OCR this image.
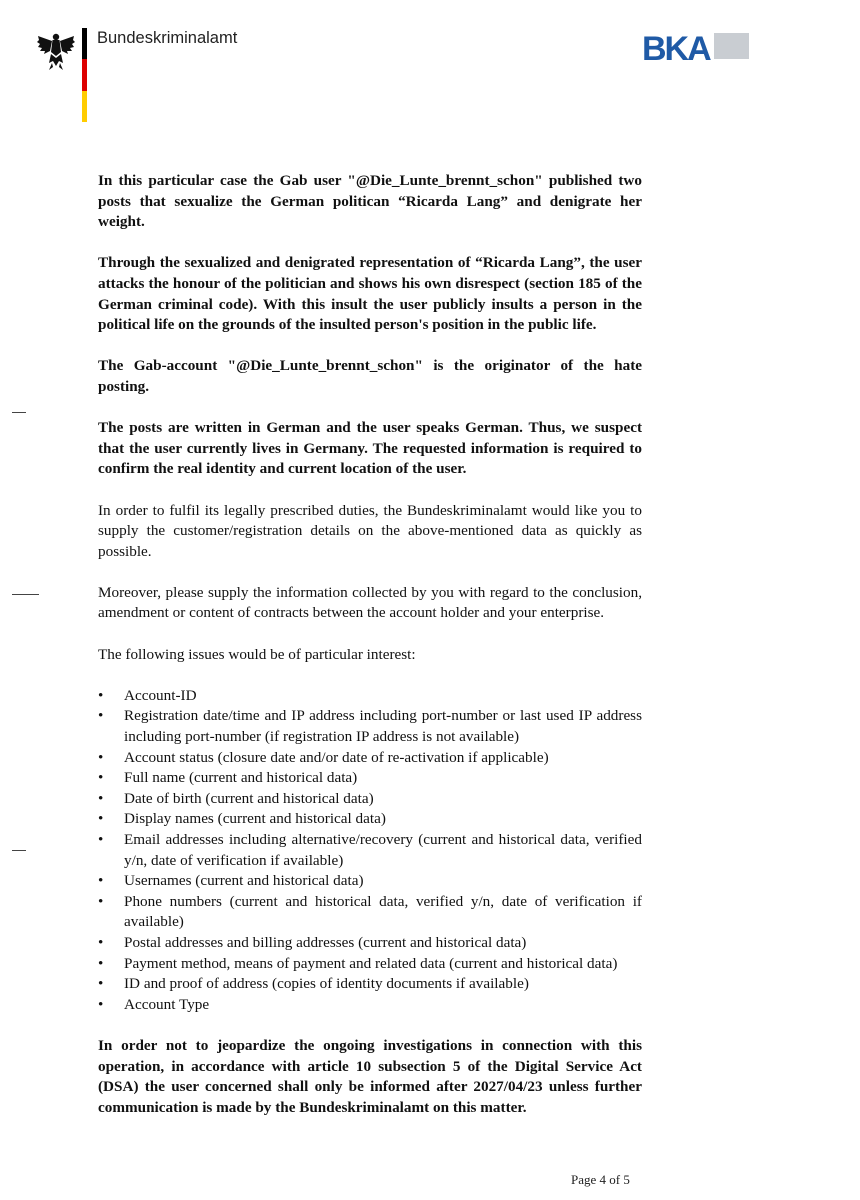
Bundeskriminalamt	BKA

In this particular case the Gab user "@Die_Lunte_brennt_schon" published two posts that sexualize the German politican “Ricarda Lang” and denigrate her weight.

Through the sexualized and denigrated representation of “Ricarda Lang”, the user attacks the honour of the politician and shows his own disrespect (section 185 of the German criminal code). With this insult the user publicly insults a person in the political life on the grounds of the insulted person's position in the public life.

The Gab-account "@Die_Lunte_brennt_schon" is the originator of the hate posting.

The posts are written in German and the user speaks German. Thus, we suspect that the user currently lives in Germany. The requested information is required to confirm the real identity and current location of the user.

In order to fulfil its legally prescribed duties, the Bundeskriminalamt would like you to supply the customer/registration details on the above-mentioned data as quickly as possible.

Moreover, please supply the information collected by you with regard to the conclusion, amendment or content of contracts between the account holder and your enterprise.

The following issues would be of particular interest:

•	Account-ID
•	Registration date/time and IP address including port-number or last used IP address including port-number (if registration IP address is not available)
•	Account status (closure date and/or date of re-activation if applicable)
•	Full name (current and historical data)
•	Date of birth (current and historical data)
•	Display names (current and historical data)
•	Email addresses including alternative/recovery (current and historical data, verified y/n, date of verification if available)
•	Usernames (current and historical data)
•	Phone numbers (current and historical data, verified y/n, date of verification if available)
•	Postal addresses and billing addresses (current and historical data)
•	Payment method, means of payment and related data (current and historical data)
•	ID and proof of address (copies of identity documents if available)
•	Account Type

In order not to jeopardize the ongoing investigations in connection with this operation, in accordance with article 10 subsection 5 of the Digital Service Act (DSA) the user concerned shall only be informed after 2027/04/23 unless further communication is made by the Bundeskriminalamt on this matter.

Page 4 of 5
